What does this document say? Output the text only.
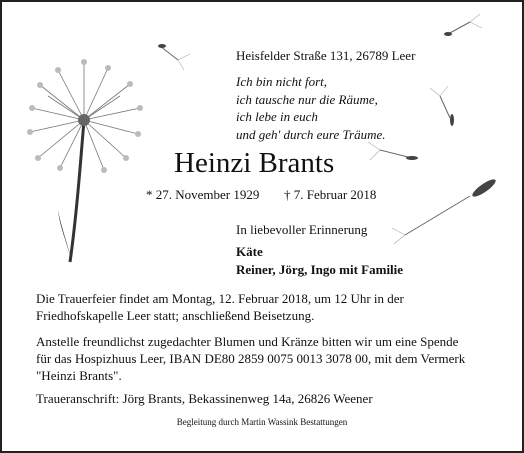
Heisfelder Straße 131, 26789 Leer
Ich bin nicht fort,
ich tausche nur die Räume,
ich lebe in euch
und geh' durch eure Träume.
Heinzi Brants
* 27. November 1929 † 7. Februar 2018
In liebevoller Erinnerung
Käte
Reiner, Jörg, Ingo mit Familie
Die Trauerfeier findet am Montag, 12. Februar 2018, um 12 Uhr in der Friedhofskapelle Leer statt; anschließend Beisetzung.
Anstelle freundlichst zugedachter Blumen und Kränze bitten wir um eine Spende für das Hospizhuus Leer, IBAN DE80 2859 0075 0013 3078 00, mit dem Vermerk "Heinzi Brants".
Traueranschrift: Jörg Brants, Bekassinenweg 14a, 26826 Weener
Begleitung durch Martin Wassink Bestattungen
